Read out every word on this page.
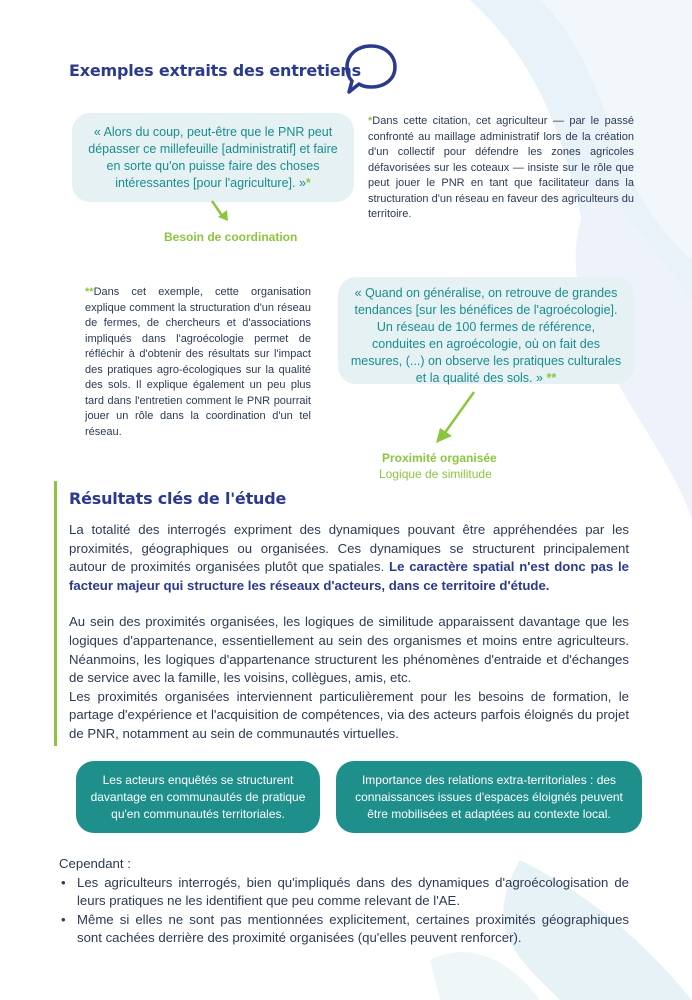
Exemples extraits des entretiens
« Alors du coup, peut-être que le PNR peut dépasser ce millefeuille [administratif] et faire en sorte qu'on puisse faire des choses intéressantes [pour l'agriculture]. »*
*Dans cette citation, cet agriculteur — par le passé confronté au maillage administratif lors de la création d'un collectif pour défendre les zones agricoles défavorisées sur les coteaux — insiste sur le rôle que peut jouer le PNR en tant que facilitateur dans la structuration d'un réseau en faveur des agriculteurs du territoire.
Besoin de coordination
**Dans cet exemple, cette organisation explique comment la structuration d'un réseau de fermes, de chercheurs et d'associations impliqués dans l'agroécologie permet de réfléchir à d'obtenir des résultats sur l'impact des pratiques agro-écologiques sur la qualité des sols. Il explique également un peu plus tard dans l'entretien comment le PNR pourrait jouer un rôle dans la coordination d'un tel réseau.
« Quand on généralise, on retrouve de grandes tendances [sur les bénéfices de l'agroécologie]. Un réseau de 100 fermes de référence, conduites en agroécologie, où on fait des mesures, (...) on observe les pratiques culturales et la qualité des sols. » **
Proximité organisée
Logique de similitude
Résultats clés de l'étude

La totalité des interrogés expriment des dynamiques pouvant être appréhendées par les proximités, géographiques ou organisées. Ces dynamiques se structurent principalement autour de proximités organisées plutôt que spatiales. Le caractère spatial n'est donc pas le facteur majeur qui structure les réseaux d'acteurs, dans ce territoire d'étude.

Au sein des proximités organisées, les logiques de similitude apparaissent davantage que les logiques d'appartenance, essentiellement au sein des organismes et moins entre agriculteurs. Néanmoins, les logiques d'appartenance structurent les phénomènes d'entraide et d'échanges de service avec la famille, les voisins, collègues, amis, etc.

Les proximités organisées interviennent particulièrement pour les besoins de formation, le partage d'expérience et l'acquisition de compétences, via des acteurs parfois éloignés du projet de PNR, notamment au sein de communautés virtuelles.

Les acteurs enquêtés se structurent davantage en communautés de pratique qu'en communautés territoriales.
Importance des relations extra-territoriales : des connaissances issues d'espaces éloignés peuvent être mobilisées et adaptées au contexte local.

Cependant :

• Les agriculteurs interrogés, bien qu'impliqués dans des dynamiques d'agroécologisation de leurs pratiques ne les identifient que peu comme relevant de l'AE.
• Même si elles ne sont pas mentionnées explicitement, certaines proximités géographiques sont cachées derrière des proximité organisées (qu'elles peuvent renforcer).
